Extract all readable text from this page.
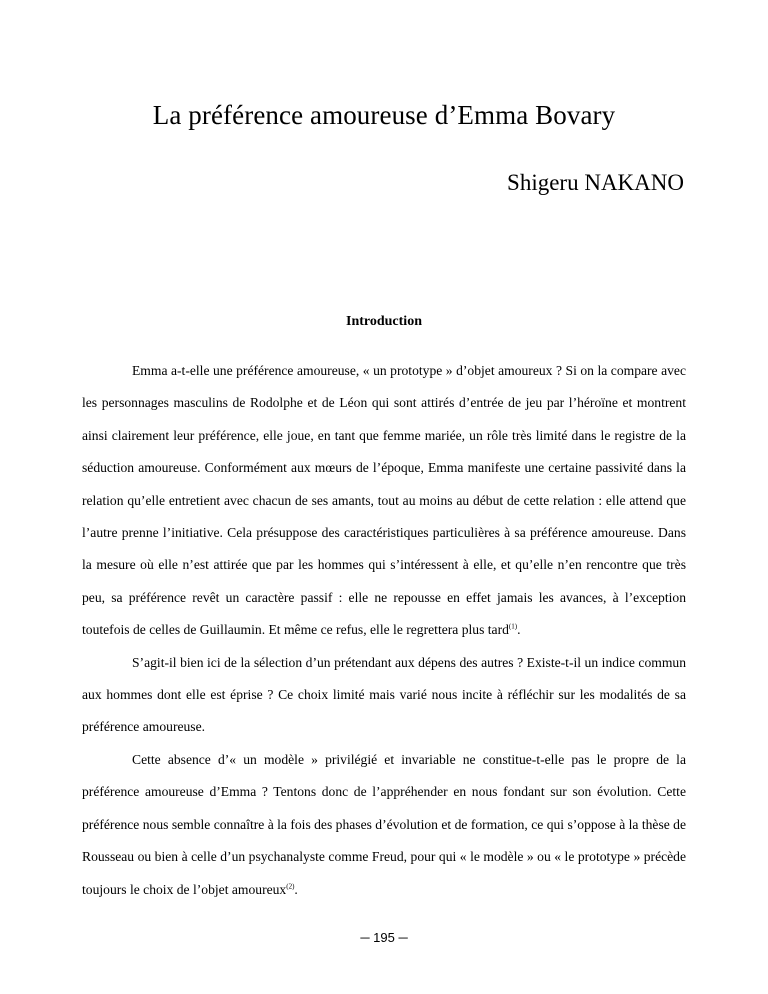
La préférence amoureuse d’Emma Bovary
Shigeru NAKANO
Introduction

Emma a-t-elle une préférence amoureuse, « un prototype » d’objet amoureux ? Si on la compare avec les personnages masculins de Rodolphe et de Léon qui sont attirés d’entrée de jeu par l’héroïne et montrent ainsi clairement leur préférence, elle joue, en tant que femme mariée, un rôle très limité dans le registre de la séduction amoureuse. Conformément aux mœurs de l’époque, Emma manifeste une certaine passivité dans la relation qu’elle entretient avec chacun de ses amants, tout au moins au début de cette relation : elle attend que l’autre prenne l’initiative. Cela présuppose des caractéristiques particulières à sa préférence amoureuse. Dans la mesure où elle n’est attirée que par les hommes qui s’intéressent à elle, et qu’elle n’en rencontre que très peu, sa préférence revêt un caractère passif : elle ne repousse en effet jamais les avances, à l’exception toutefois de celles de Guillaumin. Et même ce refus, elle le regrettera plus tard$^{(1)}$.

S’agit-il bien ici de la sélection d’un prétendant aux dépens des autres ? Existe-t-il un indice commun aux hommes dont elle est éprise ? Ce choix limité mais varié nous incite à réfléchir sur les modalités de sa préférence amoureuse.

Cette absence d’« un modèle » privilégié et invariable ne constitue-t-elle pas le propre de la préférence amoureuse d’Emma ? Tentons donc de l’appréhender en nous fondant sur son évolution. Cette préférence nous semble connaître à la fois des phases d’évolution et de formation, ce qui s’oppose à la thèse de Rousseau ou bien à celle d’un psychanalyste comme Freud, pour qui « le modèle » ou « le prototype » précède toujours le choix de l’objet amoureux$^{(2)}$.

─ 195 ─
